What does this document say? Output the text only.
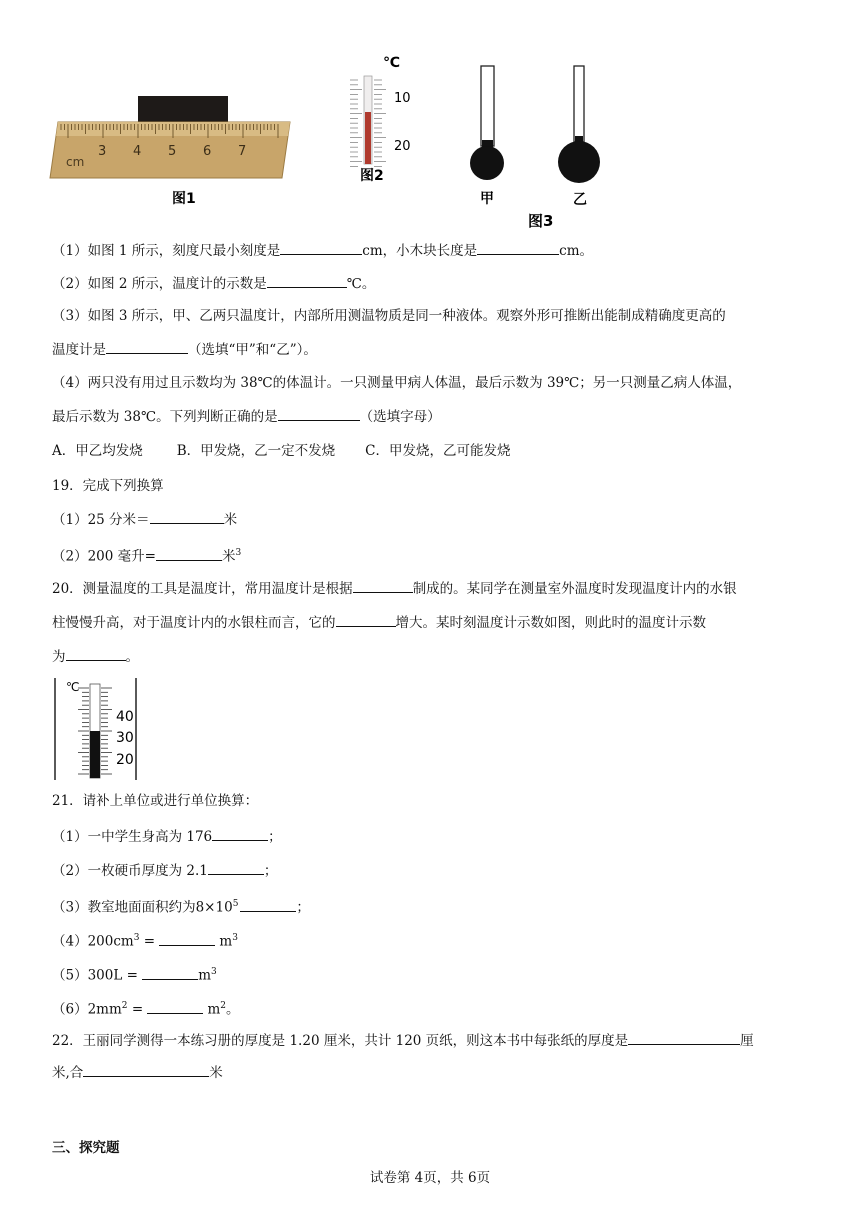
cm
3 4 5 6 7
图1
℃
10
20
图2
甲	乙
图3
（1）如图 1 所示，刻度尺最小刻度是	cm，小木块长度是	cm。
（2）如图 2 所示，温度计的示数是	℃。
（3）如图 3 所示，甲、乙两只温度计，内部所用测温物质是同一种液体。观察外形可推断出能制成精确度更高的
温度计是	（选填“甲”和“乙”）。
（4）两只没有用过且示数均为 38℃的体温计。一只测量甲病人体温，最后示数为 39℃；另一只测量乙病人体温，
最后示数为 38℃。下列判断正确的是	（选填字母）
A．甲乙均发烧	B．甲发烧，乙一定不发烧 C．甲发烧，乙可能发烧
19．完成下列换算
（1）25 分米＝	米
（2）200 毫升=	米$^3$
20．测量温度的工具是温度计，常用温度计是根据	制成的。某同学在测量室外温度时发现温度计内的水银
柱慢慢升高，对于温度计内的水银柱而言，它的	增大。某时刻温度计示数如图，则此时的温度计示数
为	。
℃
40
30
20
21．请补上单位或进行单位换算：
（1）一中学生身高为 176	；
（2）一枚硬币厚度为 2.1	；
（3）教室地面面积约为$8\times 10^5$	；
$(4)200cm^3$ =	$m^3$
（5）300L =	$m^3$
$(6)2mm^2$ =	$m^2$。
22．王丽同学测得一本练习册的厚度是 1.20 厘米，共计 120 页纸，则这本书中每张纸的厚度是	厘
米,合	米
三、探究题
试卷第 4页，共 6页
